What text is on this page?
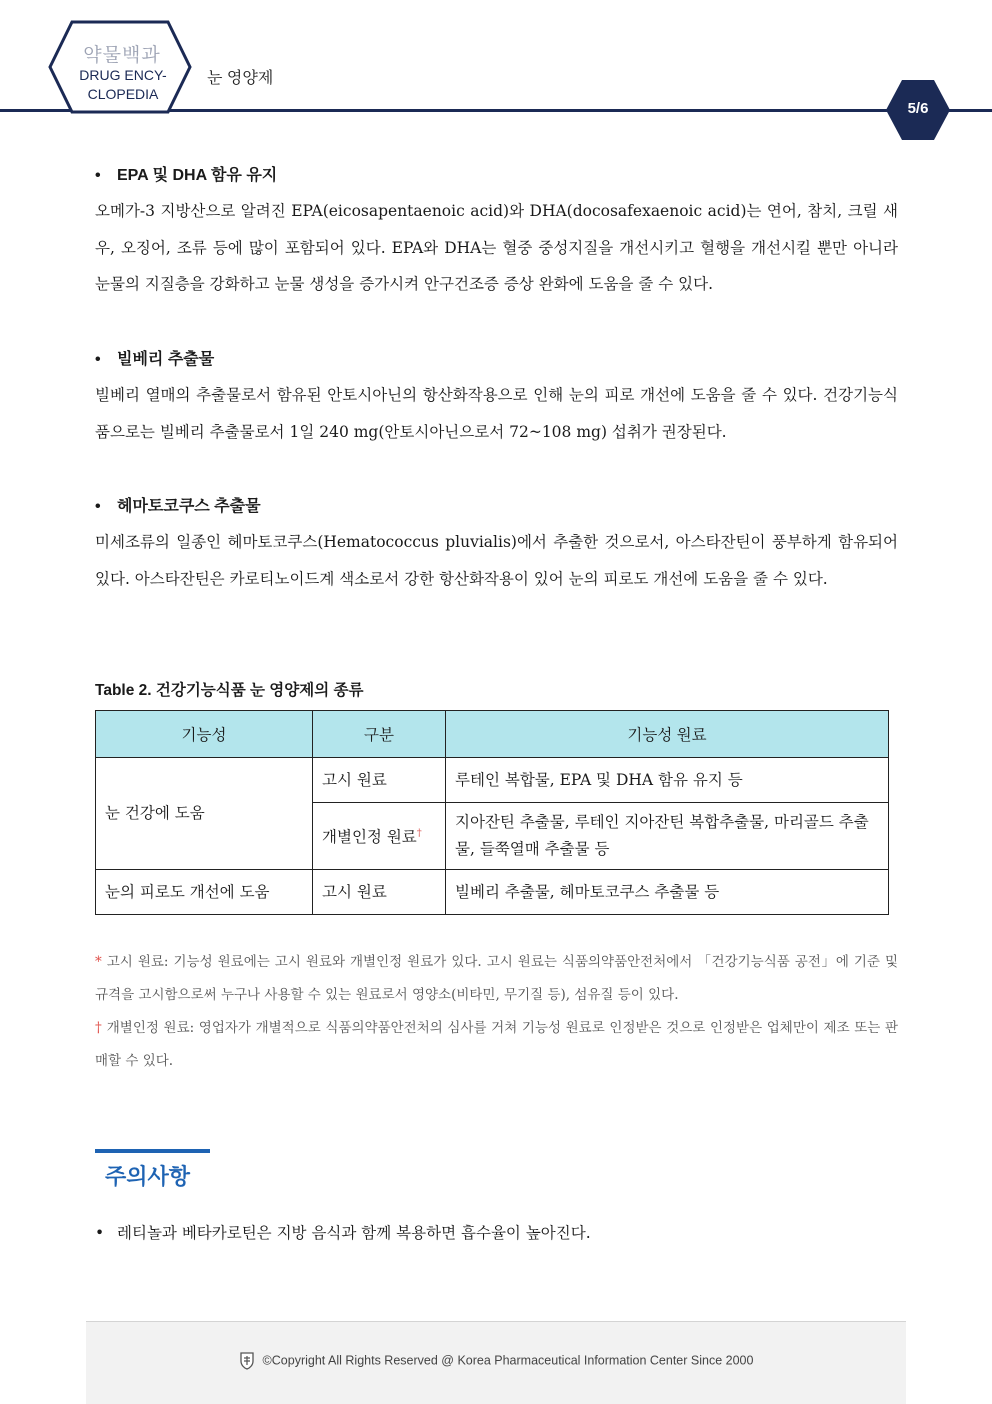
약물백과
DRUG ENCY-
CLOPEDIA
눈 영양제
5/6
• EPA 및 DHA 함유 유지
오메가-3 지방산으로 알려진 EPA(eicosapentaenoic acid)와 DHA(docosafexaenoic acid)는 연어, 참치, 크릴 새우, 오징어, 조류 등에 많이 포함되어 있다. EPA와 DHA는 혈중 중성지질을 개선시키고 혈행을 개선시킬 뿐만 아니라 눈물의 지질층을 강화하고 눈물 생성을 증가시켜 안구건조증 증상 완화에 도움을 줄 수 있다.
• 빌베리 추출물
빌베리 열매의 추출물로서 함유된 안토시아닌의 항산화작용으로 인해 눈의 피로 개선에 도움을 줄 수 있다. 건강기능식품으로는 빌베리 추출물로서 1일 240 mg(안토시아닌으로서 72~108 mg) 섭취가 권장된다.
• 헤마토코쿠스 추출물
미세조류의 일종인 헤마토코쿠스(Hematococcus pluvialis)에서 추출한 것으로서, 아스타잔틴이 풍부하게 함유되어 있다. 아스타잔틴은 카로티노이드계 색소로서 강한 항산화작용이 있어 눈의 피로도 개선에 도움을 줄 수 있다.
Table 2. 건강기능식품 눈 영양제의 종류
기능성	구분	기능성 원료
눈 건강에 도움	고시 원료	루테인 복합물, EPA 및 DHA 함유 유지 등
	개별인정 원료†	지아잔틴 추출물, 루테인 지아잔틴 복합추출물, 마리골드 추출물, 들쭉열매 추출물 등
눈의 피로도 개선에 도움	고시 원료	빌베리 추출물, 헤마토코쿠스 추출물 등
* 고시 원료: 기능성 원료에는 고시 원료와 개별인정 원료가 있다. 고시 원료는 식품의약품안전처에서 「건강기능식품 공전」에 기준 및 규격을 고시함으로써 누구나 사용할 수 있는 원료로서 영양소(비타민, 무기질 등), 섬유질 등이 있다.
† 개별인정 원료: 영업자가 개별적으로 식품의약품안전처의 심사를 거쳐 기능성 원료로 인정받은 것으로 인정받은 업체만이 제조 또는 판매할 수 있다.
주의사항
• 레티놀과 베타카로틴은 지방 음식과 함께 복용하면 흡수율이 높아진다.
©Copyright All Rights Reserved @ Korea Pharmaceutical Information Center Since 2000
